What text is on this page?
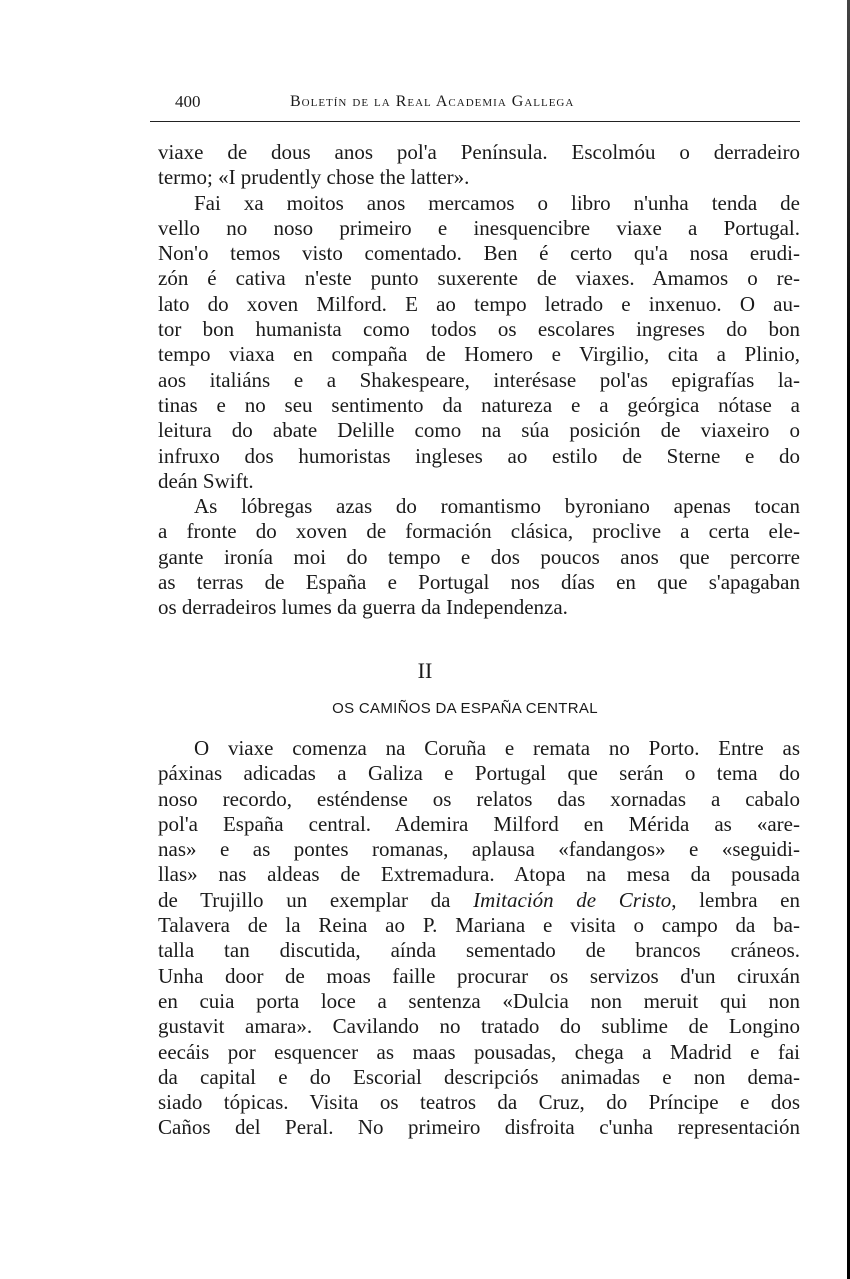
400	Boletín de la Real Academia Gallega
viaxe de dous anos pol'a Península. Escolmóu o derradeiro
termo; «I prudently chose the latter».
Fai xa moitos anos mercamos o libro n'unha tenda de
vello no noso primeiro e inesquencibre viaxe a Portugal.
Non'o temos visto comentado. Ben é certo qu'a nosa erudi-
zón é cativa n'este punto suxerente de viaxes. Amamos o re-
lato do xoven Milford. E ao tempo letrado e inxenuo. O au-
tor bon humanista como todos os escolares ingreses do bon
tempo viaxa en compaña de Homero e Virgilio, cita a Plinio,
aos italiáns e a Shakespeare, interésase pol'as epigrafías la-
tinas e no seu sentimento da natureza e a geórgica nótase a
leitura do abate Delille como na súa posición de viaxeiro o
infruxo dos humoristas ingleses ao estilo de Sterne e do
deán Swift.
As lóbregas azas do romantismo byroniano apenas tocan
a fronte do xoven de formación clásica, proclive a certa ele-
gante ironía moi do tempo e dos poucos anos que percorre
as terras de España e Portugal nos días en que s'apagaban
os derradeiros lumes da guerra da Independenza.
II
OS CAMIÑOS DA ESPAÑA CENTRAL
O viaxe comenza na Coruña e remata no Porto. Entre as
páxinas adicadas a Galiza e Portugal que serán o tema do
noso recordo, esténdense os relatos das xornadas a cabalo
pol'a España central. Ademira Milford en Mérida as «are-
nas» e as pontes romanas, aplausa «fandangos» e «seguidi-
llas» nas aldeas de Extremadura. Atopa na mesa da pousada
de Trujillo un exemplar da Imitación de Cristo, lembra en
Talavera de la Reina ao P. Mariana e visita o campo da ba-
talla tan discutida, aínda sementado de brancos cráneos.
Unha door de moas faille procurar os servizos d'un ciruxán
en cuia porta loce a sentenza «Dulcia non meruit qui non
gustavit amara». Cavilando no tratado do sublime de Longino
eecáis por esquencer as maas pousadas, chega a Madrid e fai
da capital e do Escorial descripciós animadas e non dema-
siado tópicas. Visita os teatros da Cruz, do Príncipe e dos
Caños del Peral. No primeiro disfroita c'unha representación
